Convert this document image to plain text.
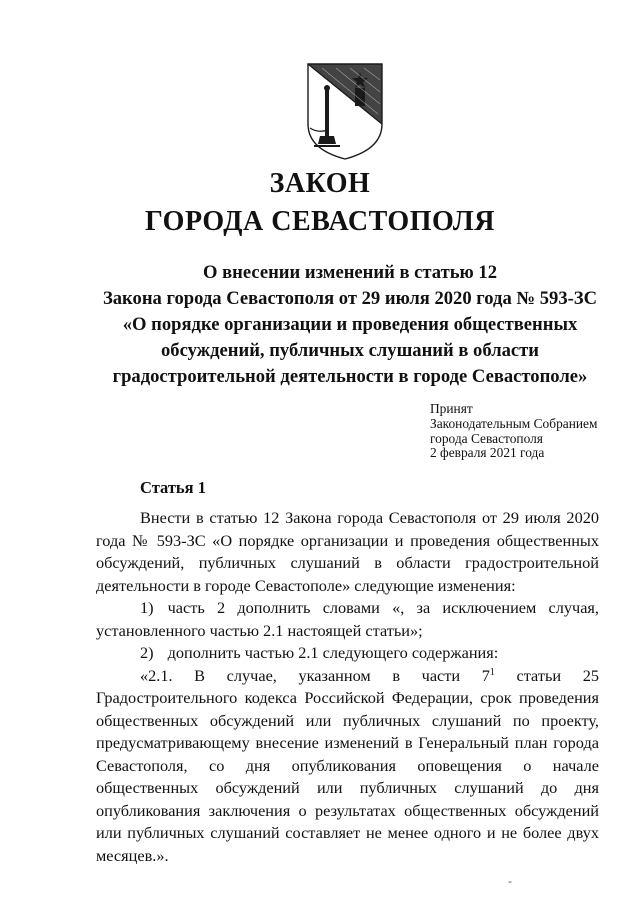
ЗАКОН
ГОРОДА СЕВАСТОПОЛЯ
О внесении изменений в статью 12
Закона города Севастополя от 29 июля 2020 года № 593-ЗС
«О порядке организации и проведения общественных
обсуждений, публичных слушаний в области
градостроительной деятельности в городе Севастополе»
Принят
Законодательным Собранием
города Севастополя
2 февраля 2021 года
Статья 1

Внести в статью 12 Закона города Севастополя от 29 июля 2020 года № 593-ЗС «О порядке организации и проведения общественных обсуждений, публичных слушаний в области градостроительной деятельности в городе Севастополе» следующие изменения:

1) часть 2 дополнить словами «, за исключением случая, установленного частью 2.1 настоящей статьи»;

2) дополнить частью 2.1 следующего содержания:

«2.1. В случае, указанном в части $7^1$ статьи 25 Градостроительного кодекса Российской Федерации, срок проведения общественных обсуждений или публичных слушаний по проекту, предусматривающему внесение изменений в Генеральный план города Севастополя, со дня опубликования оповещения о начале общественных обсуждений или публичных слушаний до дня опубликования заключения о результатах общественных обсуждений или публичных слушаний составляет не менее одного и не более двух месяцев.».

-
